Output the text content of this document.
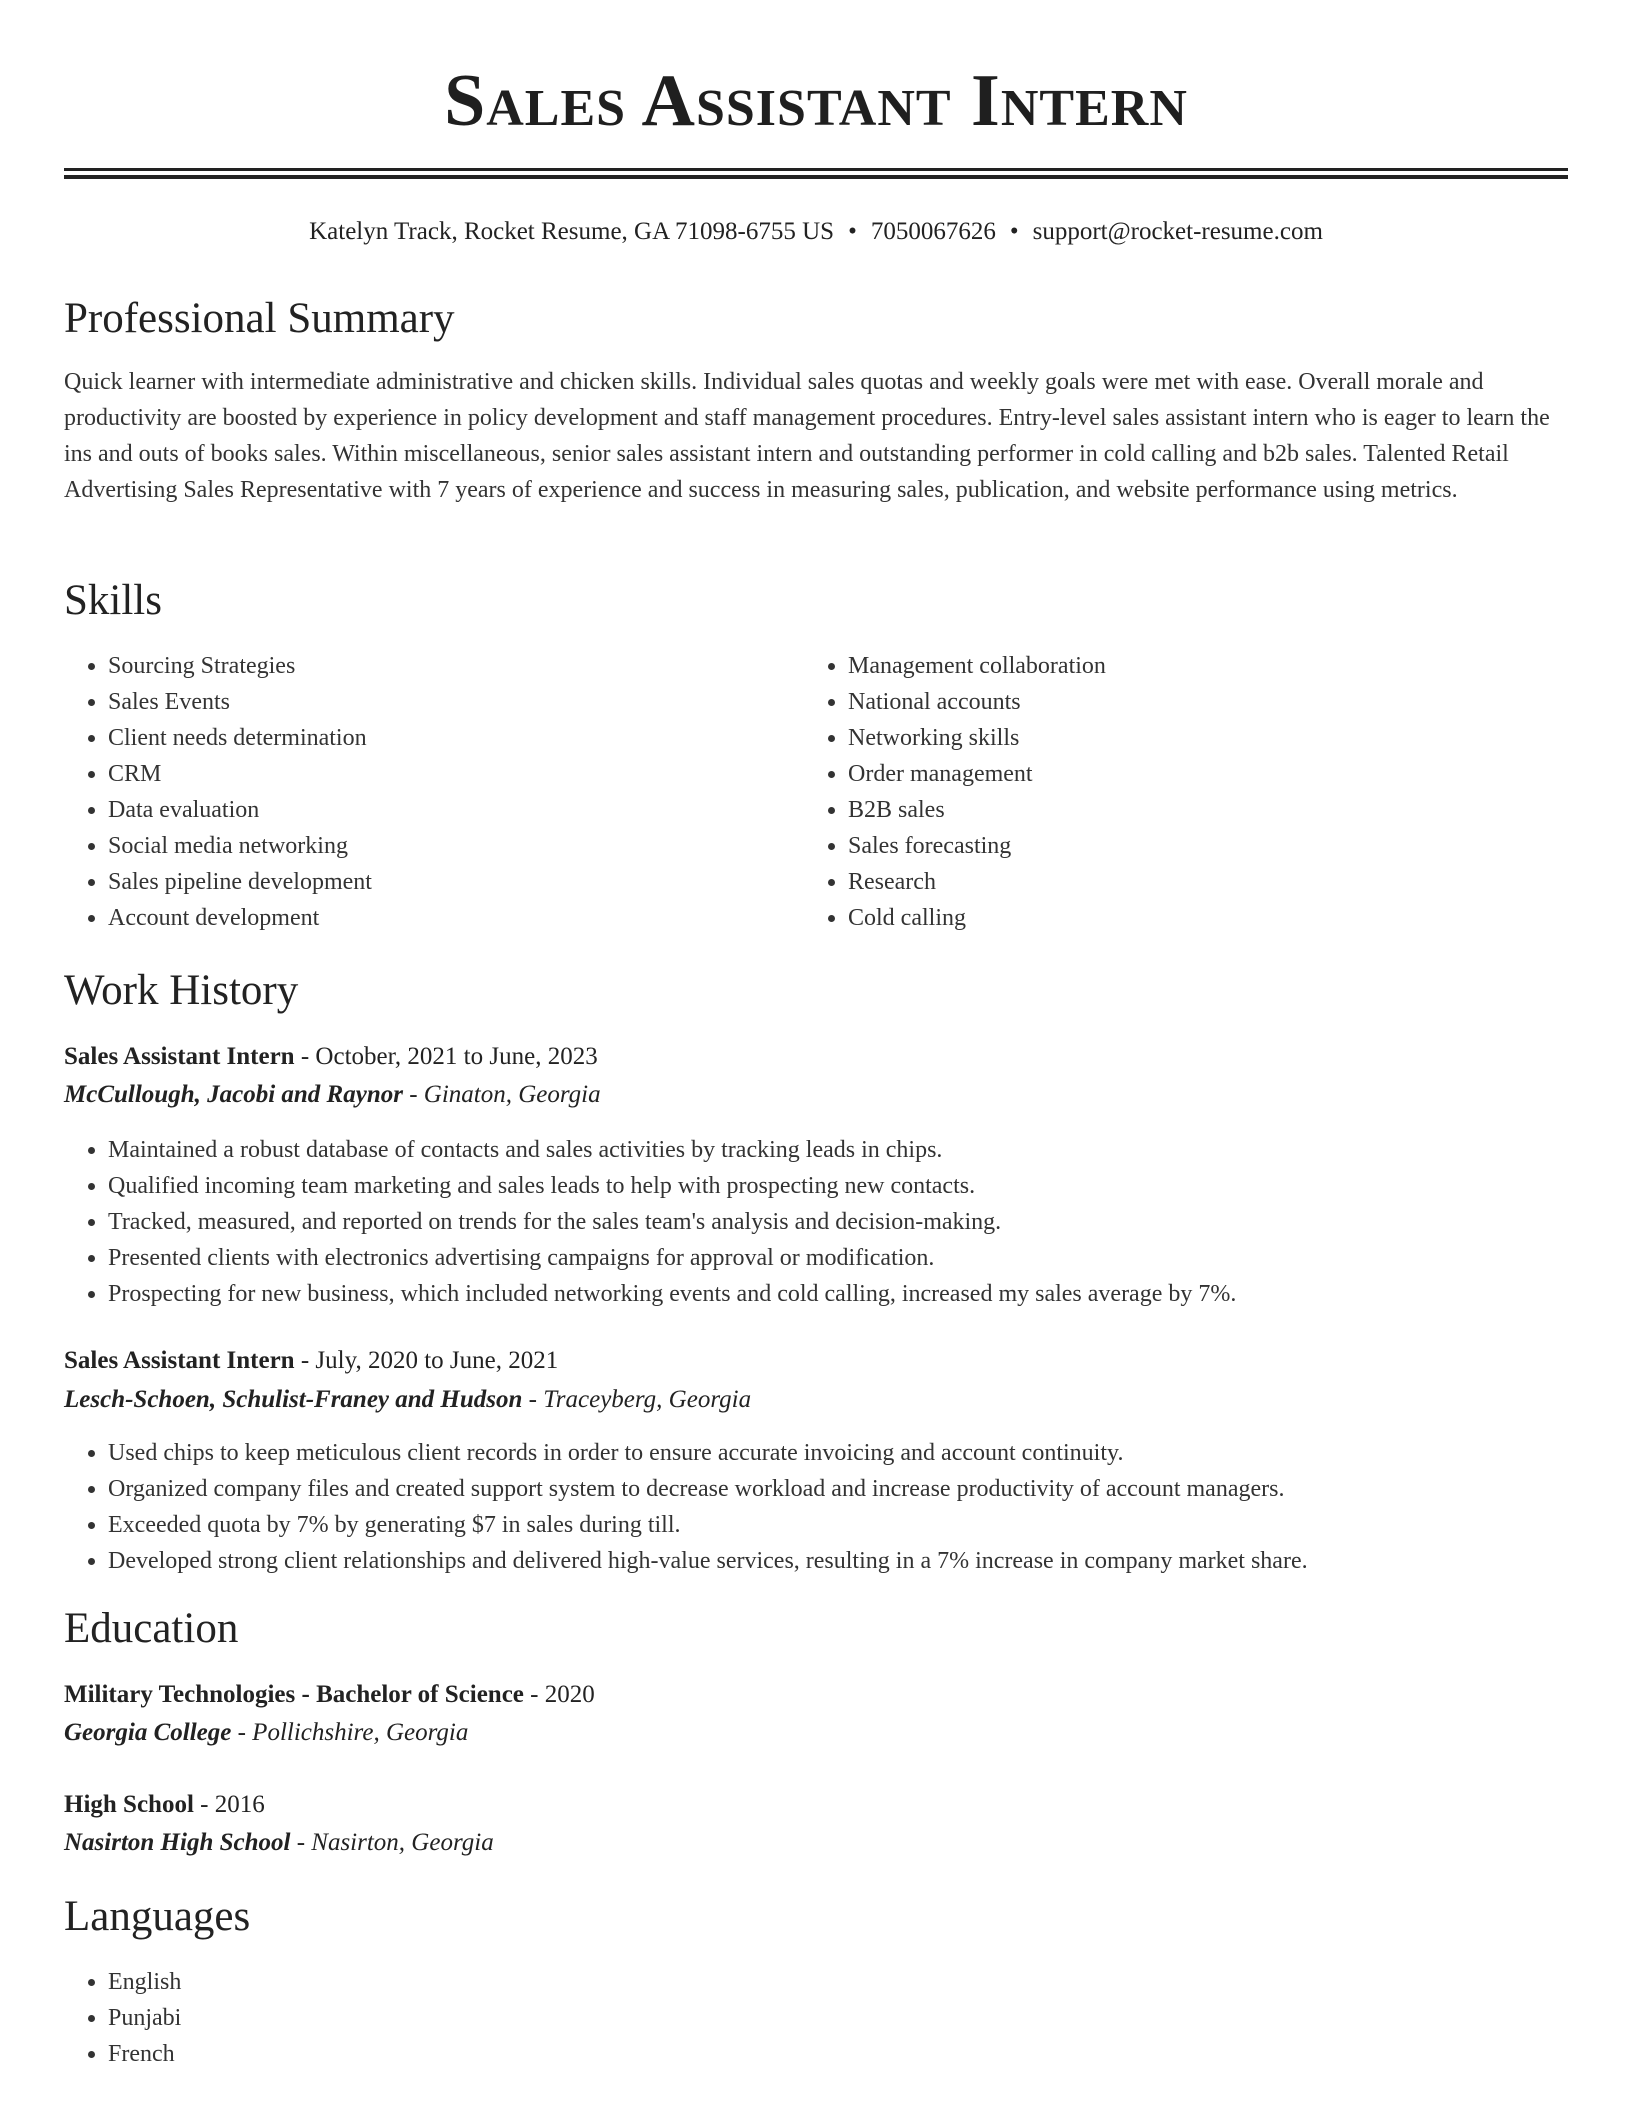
Sales Assistant Intern
Katelyn Track, Rocket Resume, GA 71098-6755 US • 7050067626 • support@rocket-resume.com
Professional Summary

Quick learner with intermediate administrative and chicken skills. Individual sales quotas and weekly goals were met with ease. Overall morale and productivity are boosted by experience in policy development and staff management procedures. Entry-level sales assistant intern who is eager to learn the ins and outs of books sales. Within miscellaneous, senior sales assistant intern and outstanding performer in cold calling and b2b sales. Talented Retail Advertising Sales Representative with 7 years of experience and success in measuring sales, publication, and website performance using metrics.

Skills
• Sourcing Strategies
• Sales Events
• Client needs determination
• CRM
• Data evaluation
• Social media networking
• Sales pipeline development
• Account development
• Management collaboration
• National accounts
• Networking skills
• Order management
• B2B sales
• Sales forecasting
• Research
• Cold calling
Work History
Sales Assistant Intern - October, 2021 to June, 2023
McCullough, Jacobi and Raynor - Ginaton, Georgia
• Maintained a robust database of contacts and sales activities by tracking leads in chips.
• Qualified incoming team marketing and sales leads to help with prospecting new contacts.
• Tracked, measured, and reported on trends for the sales team's analysis and decision-making.
• Presented clients with electronics advertising campaigns for approval or modification.
• Prospecting for new business, which included networking events and cold calling, increased my sales average by 7%.
Sales Assistant Intern - July, 2020 to June, 2021
Lesch-Schoen, Schulist-Franey and Hudson - Traceyberg, Georgia
• Used chips to keep meticulous client records in order to ensure accurate invoicing and account continuity.
• Organized company files and created support system to decrease workload and increase productivity of account managers.
• Exceeded quota by 7% by generating $7 in sales during till.
• Developed strong client relationships and delivered high-value services, resulting in a 7% increase in company market share.
Education
Military Technologies - Bachelor of Science - 2020
Georgia College - Pollichshire, Georgia
High School - 2016
Nasirton High School - Nasirton, Georgia
Languages
• English
• Punjabi
• French
